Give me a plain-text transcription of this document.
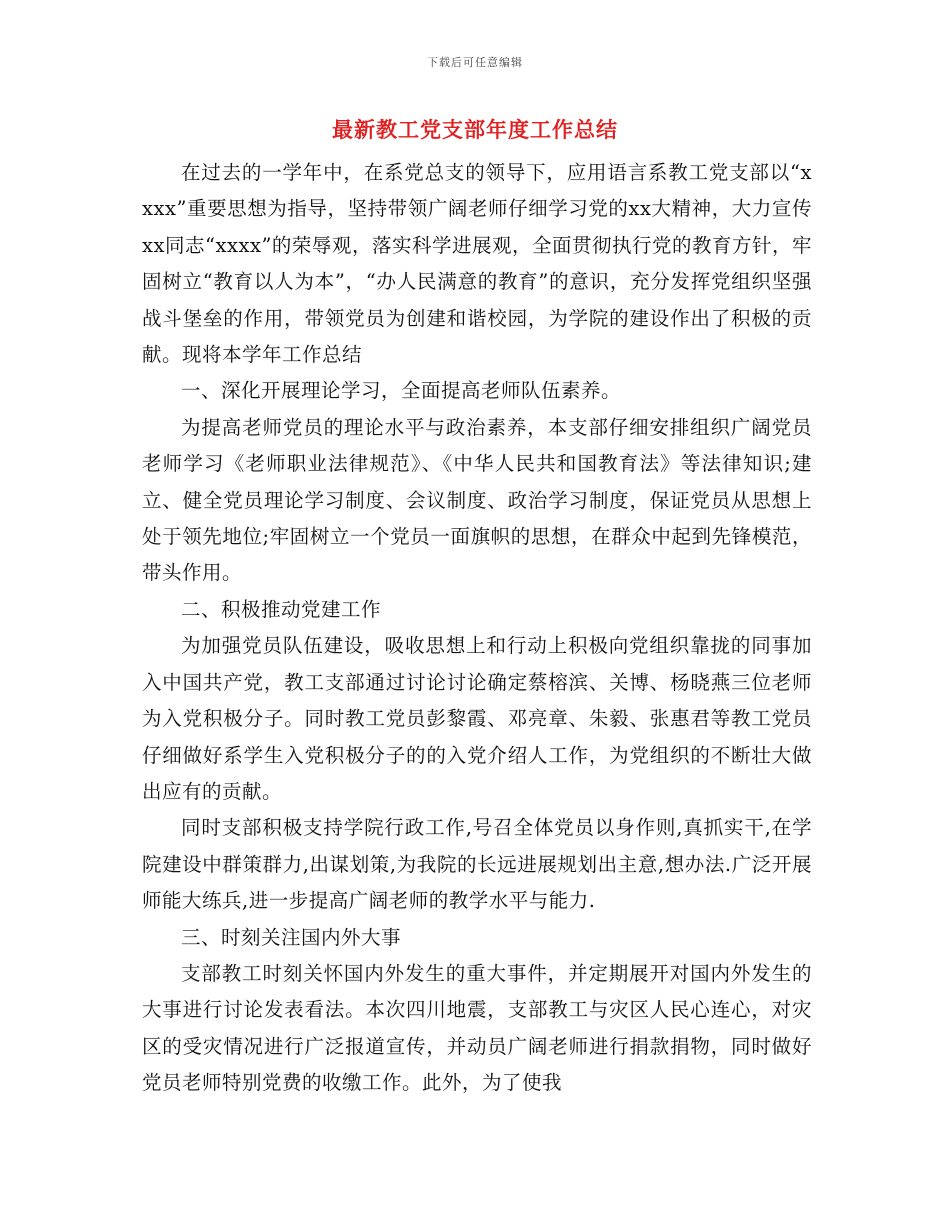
下载后可任意编辑
最新教工党支部年度工作总结

在过去的一学年中，在系党总支的领导下，应用语言系教工党支部以“xxxx”重要思想为指导，坚持带领广阔老师仔细学习党的xx大精神，大力宣传xx同志“xxxx”的荣辱观，落实科学进展观，全面贯彻执行党的教育方针，牢固树立“教育以人为本”，“办人民满意的教育”的意识，充分发挥党组织坚强战斗堡垒的作用，带领党员为创建和谐校园，为学院的建设作出了积极的贡献。现将本学年工作总结

一、深化开展理论学习，全面提高老师队伍素养。

为提高老师党员的理论水平与政治素养，本支部仔细安排组织广阔党员老师学习《老师职业法律规范》、《中华人民共和国教育法》等法律知识;建立、健全党员理论学习制度、会议制度、政治学习制度，保证党员从思想上处于领先地位;牢固树立一个党员一面旗帜的思想，在群众中起到先锋模范，带头作用。

二、积极推动党建工作

为加强党员队伍建设，吸收思想上和行动上积极向党组织靠拢的同事加入中国共产党，教工支部通过讨论讨论确定蔡榕滨、关博、杨晓燕三位老师为入党积极分子。同时教工党员彭黎霞、邓亮章、朱毅、张惠君等教工党员仔细做好系学生入党积极分子的的入党介绍人工作，为党组织的不断壮大做出应有的贡献。

同时支部积极支持学院行政工作,号召全体党员以身作则,真抓实干,在学院建设中群策群力,出谋划策,为我院的长远进展规划出主意,想办法.广泛开展师能大练兵,进一步提高广阔老师的教学水平与能力.

三、时刻关注国内外大事

支部教工时刻关怀国内外发生的重大事件，并定期展开对国内外发生的大事进行讨论发表看法。本次四川地震，支部教工与灾区人民心连心，对灾区的受灾情况进行广泛报道宣传，并动员广阔老师进行捐款捐物，同时做好党员老师特别党费的收缴工作。此外，为了使我
